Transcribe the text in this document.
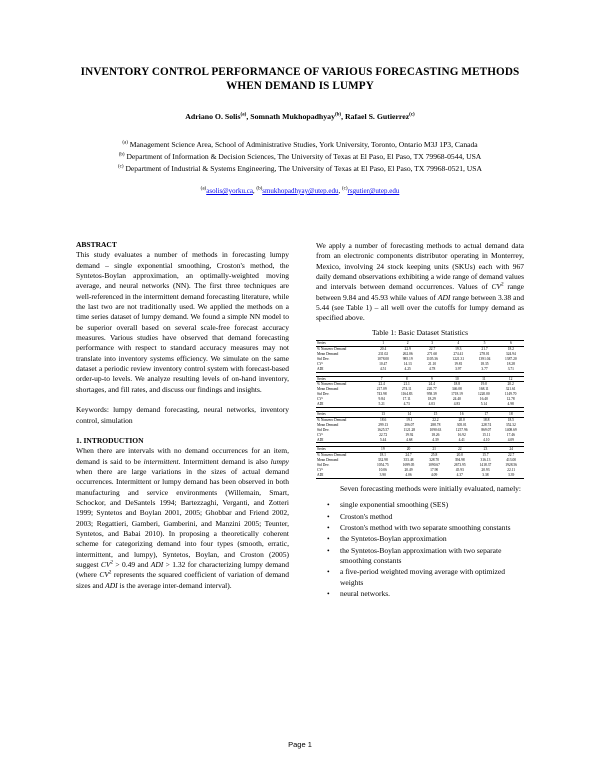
INVENTORY CONTROL PERFORMANCE OF VARIOUS FORECASTING METHODS
WHEN DEMAND IS LUMPY
Adriano O. Solis$^{(a)}$, Somnath Mukhopadhyay$^{(b)}$, Rafael S. Gutierrez$^{(c)}$
$^{(a)}$ Management Science Area, School of Administrative Studies, York University, Toronto, Ontario M3J 1P3, Canada
$^{(b)}$ Department of Information & Decision Sciences, The University of Texas at El Paso, El Paso, TX 79968-0544, USA
$^{(c)}$ Department of Industrial & Systems Engineering, The University of Texas at El Paso, El Paso, TX 79968-0521, USA
$^{(a)}$asolis@yorku.ca, $^{(b)}$smukhopadhyay@utep.edu, $^{(c)}$rsgutier@utep.edu

ABSTRACT

This study evaluates a number of methods in forecasting lumpy demand – single exponential smoothing, Croston's method, the Syntetos-Boylan approximation, an optimally-weighted moving average, and neural networks (NN). The first three techniques are well-referenced in the intermittent demand forecasting literature, while the last two are not traditionally used. We applied the methods on a time series dataset of lumpy demand. We found a simple NN model to be superior overall based on several scale-free forecast accuracy measures. Various studies have observed that demand forecasting performance with respect to standard accuracy measures may not translate into inventory systems efficiency. We simulate on the same dataset a periodic review inventory control system with forecast-based order-up-to levels. We analyze resulting levels of on-hand inventory, shortages, and fill rates, and discuss our findings and insights.

Keywords: lumpy demand forecasting, neural networks, inventory control, simulation

1. INTRODUCTION

When there are intervals with no demand occurrences for an item, demand is said to be intermittent. Intermittent demand is also lumpy when there are large variations in the sizes of actual demand occurrences. Intermittent or lumpy demand has been observed in both manufacturing and service environments (Willemain, Smart, Schockor, and DeSantels 1994; Bartezzaghi, Verganti, and Zotteri 1999; Syntetos and Boylan 2001, 2005; Ghobbar and Friend 2002, 2003; Regattieri, Gamberi, Gamberini, and Manzini 2005; Teunter, Syntetos, and Babai 2010). In proposing a theoretically coherent scheme for categorizing demand into four types (smooth, erratic, intermittent, and lumpy), Syntetos, Boylan, and Croston (2005) suggest $CV^2 > 0.49$ and ADI > 1.32 for characterizing lumpy demand (where $CV^2$ represents the squared coefficient of variation of demand sizes and ADI is the average inter-demand interval).

We apply a number of forecasting methods to actual demand data from an electronic components distributor operating in Monterrey, Mexico, involving 24 stock keeping units (SKUs) each with 967 daily demand observations exhibiting a wide range of demand values and intervals between demand occurrences. Values of $CV^2$ range between 9.84 and 45.93 while values of ADI range between 3.38 and 5.44 (see Table 1) – all well over the cutoffs for lumpy demand as specified above.

Table 1: Basic Dataset Statistics
Series	1	2	3	4	5	6
% Nonzero Demand	20.4	22.9	22.7	19.3	21.7	18.2
Mean Demand	231.02	262.06	271.60	274.41	278.01	324.94
Std Dev.	1078.00	985.19	1105.36	1221.31	1391.04	1387.20
CV²	10.47	14.13	21.10	19.81	18.35	18.28
ADI	4.51	4.25	4.78	3.97	3.77	3.71
Series	7	8	9	10	11	12
% Nonzero Demand	22.4	21.1	24.4	18.8	19.0	20.2
Mean Demand	217.09	274.11	220.77	346.08	168.11	321.61
Std Dev.	743.98	1164.83	958.39	1718.19	1220.00	1149.70
CV²	9.84	17.11	18.29	24.40	16.40	12.78
ADI	5.21	4.73	4.03	4.83	5.14	4.98
Series	13	14	15	16	17	18
% Nonzero Demand	18.6	19.1	22.2	20.0	18.8	18.5
Mean Demand	299.13	206.07	288.78	305.01	228.74	352.32
Std Dev.	1625.57	1121.28	1090.63	1257.96	869.07	1408.69
CV²	22.72	19.92	18.26	16.92	15.11	17.46
ADI	5.44	4.68	4.39	4.41	4.10	4.09
Series	19	20	21	22	23	24
% Nonzero Demand	18.1	24.7	25.8	20.0	15.7	22.7
Mean Demand	332.98	353.48	328.70	394.98	316.13	413.00
Std Dev.	1054.75	1699.05	1090.67	2673.95	1418.37	1928.56
CV²	10.06	20.49	17.90	45.93	20.93	22.11
ADI	3.90	4.06	4.09	4.37	3.38	3.39

Seven forecasting methods were initially evaluated, namely:

• single exponential smoothing (SES)
• Croston's method
• Croston's method with two separate smoothing constants
• the Syntetos-Boylan approximation
• the Syntetos-Boylan approximation with two separate smoothing constants
• a five-period weighted moving average with optimized weights
• neural networks.
Page 1
